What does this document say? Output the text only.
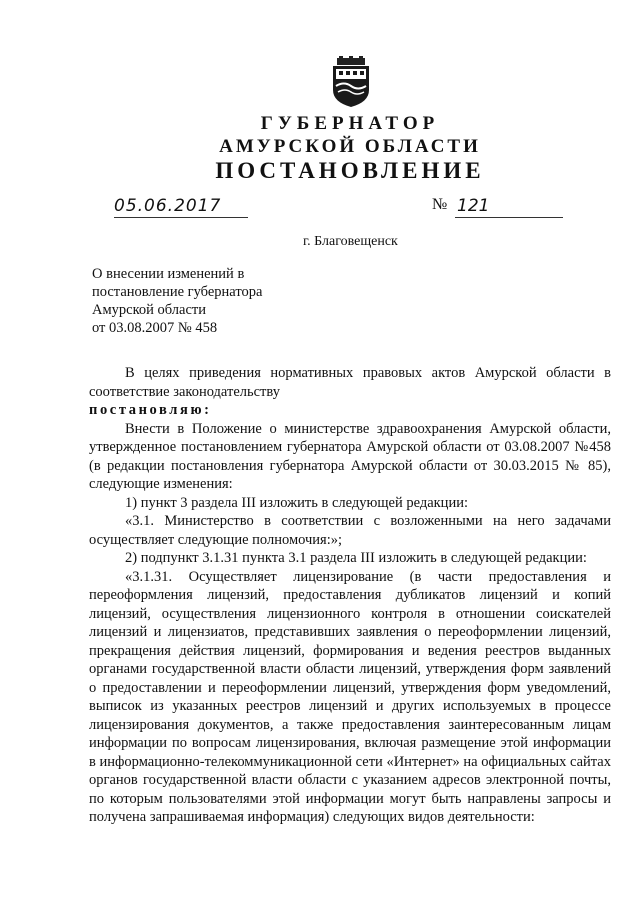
ГУБЕРНАТОР
АМУРСКОЙ ОБЛАСТИ
ПОСТАНОВЛЕНИЕ
05.06.2017	№ 121
г. Благовещенск
О внесении изменений в
постановление губернатора
Амурской области
от 03.08.2007 № 458

В целях приведения нормативных правовых актов Амурской области в соответствие законодательству

постановляю:

Внести в Положение о министерстве здравоохранения Амурской области, утвержденное постановлением губернатора Амурской области от 03.08.2007 №458 (в редакции постановления губернатора Амурской области от 30.03.2015 № 85), следующие изменения:

1) пункт 3 раздела III изложить в следующей редакции:

«3.1. Министерство в соответствии с возложенными на него задачами осуществляет следующие полномочия:»;

2) подпункт 3.1.31 пункта 3.1 раздела III изложить в следующей редакции:

«3.1.31. Осуществляет лицензирование (в части предоставления и переоформления лицензий, предоставления дубликатов лицензий и копий лицензий, осуществления лицензионного контроля в отношении соискателей лицензий и лицензиатов, представивших заявления о переоформлении лицензий, прекращения действия лицензий, формирования и ведения реестров выданных органами государственной власти области лицензий, утверждения форм заявлений о предоставлении и переоформлении лицензий, утверждения форм уведомлений, выписок из указанных реестров лицензий и других используемых в процессе лицензирования документов, а также предоставления заинтересованным лицам информации по вопросам лицензирования, включая размещение этой информации в информационно-телекоммуникационной сети «Интернет» на официальных сайтах органов государственной власти области с указанием адресов электронной почты, по которым пользователями этой информации могут быть направлены запросы и получена запрашиваемая информация) следующих видов деятельности:
